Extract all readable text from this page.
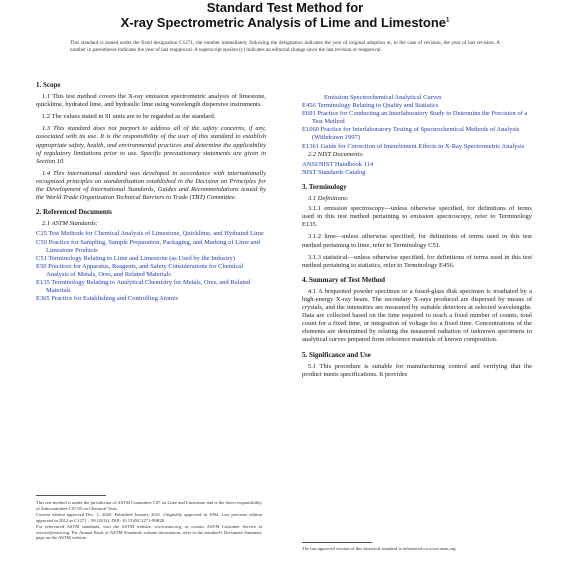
Standard Test Method for
X-ray Spectrometric Analysis of Lime and Limestone$^1$
This standard is issued under the fixed designation C1271; the number immediately following the designation indicates the year of original adoption or, in the case of revision, the year of last revision. A number in parentheses indicates the year of last reapproval. A superscript epsilon (ε) indicates an editorial change since the last revision or reapproval.
1. Scope
1.1 This test method covers the X-ray emission spectrometric analysis of limestone, quicklime, hydrated lime, and hydraulic lime using wavelength dispersive instruments.
1.2 The values stated in SI units are to be regarded as the standard.
1.3 This standard does not purport to address all of the safety concerns, if any, associated with its use. It is the responsibility of the user of this standard to establish appropriate safety, health, and environmental practices and determine the applicability of regulatory limitations prior to use. Specific precautionary statements are given in Section 10.
1.4 This international standard was developed in accordance with internationally recognized principles on standardization established in the Decision on Principles for the Development of International Standards, Guides and Recommendations issued by the World Trade Organization Technical Barriers to Trade (TBT) Committee.
2. Referenced Documents
2.1 ASTM Standards:
C25 Test Methods for Chemical Analysis of Limestone, Quicklime, and Hydrated Lime
C50 Practice for Sampling, Sample Preparation, Packaging, and Marking of Lime and Limestone Products
C51 Terminology Relating to Lime and Limestone (as Used by the Industry)
E50 Practices for Apparatus, Reagents, and Safety Considerations for Chemical Analysis of Metals, Ores, and Related Materials
E135 Terminology Relating to Analytical Chemistry for Metals, Ores, and Related Materials
E305 Practice for Establishing and Controlling Atomic
This test method is under the jurisdiction of ASTM Committee C07 on Lime and Limestone and is the direct responsibility of Subcommittee C07.05 on Chemical Tests.
Current edition approved Dec. 1, 2020. Published January 2021. Originally approved in 1994. Last previous edition approved in 2012 as C1271 – 99 (2012). DOI: 10.1520/C1271-99R20.
For referenced ASTM standards, visit the ASTM website, www.astm.org, or contact ASTM Customer Service at service@astm.org. For Annual Book of ASTM Standards volume information, refer to the standard's Document Summary page on the ASTM website.
Emission Spectrochemical Analytical Curves
E456 Terminology Relating to Quality and Statistics
E691 Practice for Conducting an Interlaboratory Study to Determine the Precision of a Test Method
E1060 Practice for Interlaboratory Testing of Spectrochemical Methods of Analysis (Withdrawn 1997)
E1361 Guide for Correction of Interelement Effects in X-Ray Spectrometric Analysis
2.2 NIST Documents:
ANSI/NIST Handbook 114
NIST Standards Catalog
3. Terminology
3.1 Definitions:
3.1.1 emission spectroscopy—unless otherwise specified, for definitions of terms used in this test method pertaining to emission spectroscopy, refer to Terminology E135.
3.1.2 lime—unless otherwise specified, for definitions of terms used in this test method pertaining to lime, refer to Terminology C51.
3.1.3 statistical—unless otherwise specified, for definitions of terms used in this test method pertaining to statistics, refer to Terminology E456.
4. Summary of Test Method
4.1 A briquetted powder specimen or a fused-glass disk specimen is irradiated by a high-energy X-ray beam. The secondary X-rays produced are dispersed by means of crystals, and the intensities are measured by suitable detectors at selected wavelengths. Data are collected based on the time required to reach a fixed number of counts, total count for a fixed time, or integration of voltage for a fixed time. Concentrations of the elements are determined by relating the measured radiation of unknown specimens to analytical curves prepared from reference materials of known composition.
5. Significance and Use
5.1 This procedure is suitable for manufacturing control and verifying that the product meets specifications. It provides
The last approved version of this historical standard is referenced on www.astm.org.
